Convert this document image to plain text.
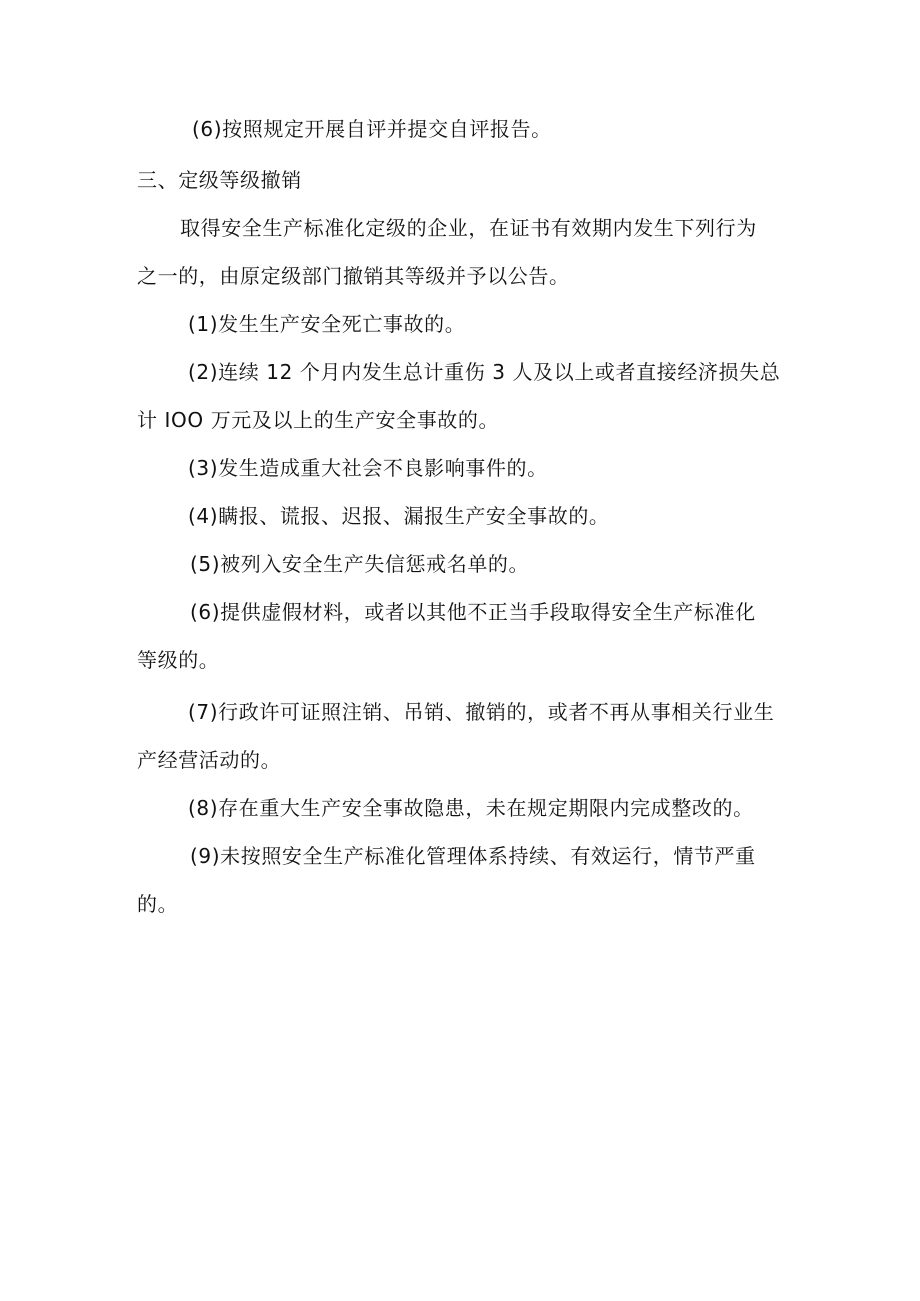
(6)按照规定开展自评并提交自评报告。
三、定级等级撤销
取得安全生产标准化定级的企业，在证书有效期内发生下列行为
之一的，由原定级部门撤销其等级并予以公告。
(1)发生生产安全死亡事故的。
(2)连续 12 个月内发生总计重伤 3 人及以上或者直接经济损失总
计 IOO 万元及以上的生产安全事故的。
(3)发生造成重大社会不良影响事件的。
(4)瞒报、谎报、迟报、漏报生产安全事故的。
(5)被列入安全生产失信惩戒名单的。
(6)提供虚假材料，或者以其他不正当手段取得安全生产标准化
等级的。
(7)行政许可证照注销、吊销、撤销的，或者不再从事相关行业生
产经营活动的。
(8)存在重大生产安全事故隐患，未在规定期限内完成整改的。
(9)未按照安全生产标准化管理体系持续、有效运行，情节严重
的。
